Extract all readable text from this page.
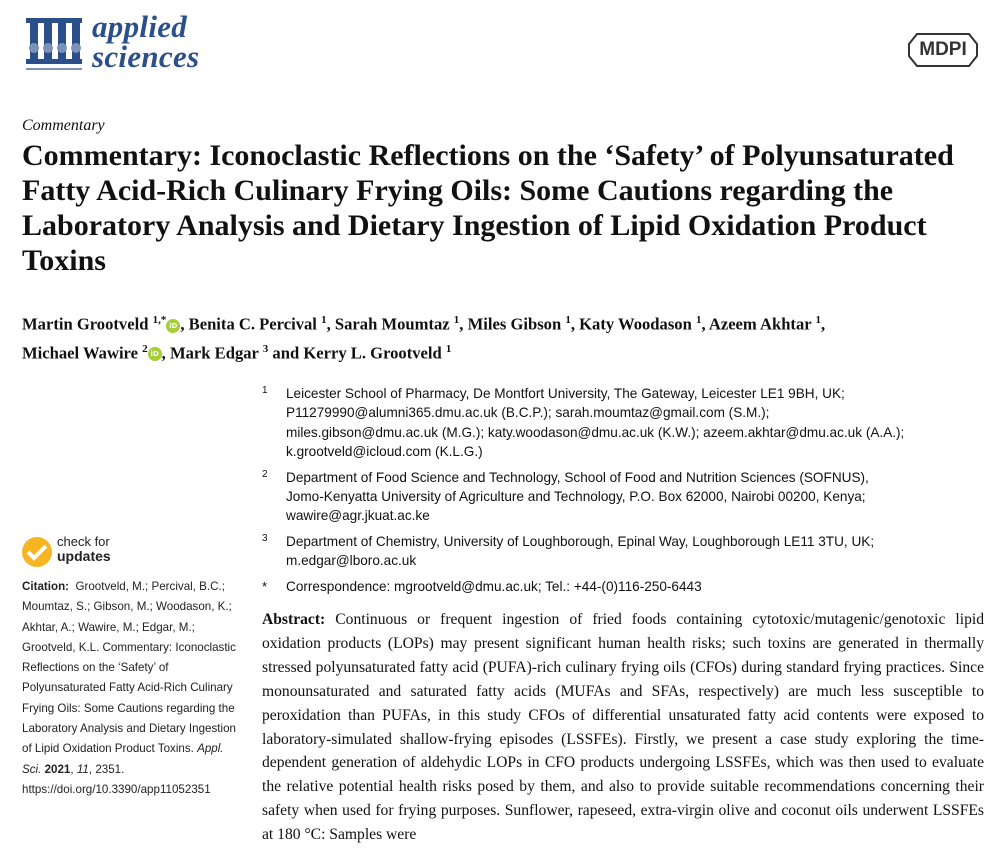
applied
sciences	MDPI
Commentary
Commentary: Iconoclastic Reflections on the ‘Safety’ of Polyunsaturated Fatty Acid-Rich Culinary Frying Oils: Some Cautions regarding the Laboratory Analysis and Dietary Ingestion of Lipid Oxidation Product Toxins
Martin Grootveld $^{1,*}$ iD , Benita C. Percival $^1$, Sarah Moumtaz $^1$, Miles Gibson $^1$, Katy Woodason $^1$, Azeem Akhtar $^1$,
Michael Wawire $^2$ iD , Mark Edgar $^3$ and Kerry L. Grootveld $^1$
1 Leicester School of Pharmacy, De Montfort University, The Gateway, Leicester LE1 9BH, UK;
P11279990@alumni365.dmu.ac.uk (B.C.P.); sarah.moumtaz@gmail.com (S.M.);
miles.gibson@dmu.ac.uk (M.G.); katy.woodason@dmu.ac.uk (K.W.); azeem.akhtar@dmu.ac.uk (A.A.);
k.grootveld@icloud.com (K.L.G.)
2 Department of Food Science and Technology, School of Food and Nutrition Sciences (SOFNUS),
Jomo-Kenyatta University of Agriculture and Technology, P.O. Box 62000, Nairobi 00200, Kenya;
wawire@agr.jkuat.ac.ke
3 Department of Chemistry, University of Loughborough, Epinal Way, Loughborough LE11 3TU, UK;
m.edgar@lboro.ac.uk
* Correspondence: mgrootveld@dmu.ac.uk; Tel.: +44-(0)116-250-6443
check for
updates
Citation: Grootveld, M.; Percival, B.C.; Moumtaz, S.; Gibson, M.; Woodason, K.; Akhtar, A.; Wawire, M.; Edgar, M.; Grootveld, K.L. Commentary: Iconoclastic Reflections on the ‘Safety’ of Polyunsaturated Fatty Acid-Rich Culinary Frying Oils: Some Cautions regarding the Laboratory Analysis and Dietary Ingestion of Lipid Oxidation Product Toxins. Appl. Sci. 2021, 11, 2351. https://doi.org/10.3390/app11052351
Abstract: Continuous or frequent ingestion of fried foods containing cytotoxic/mutagenic/genotoxic lipid oxidation products (LOPs) may present significant human health risks; such toxins are generated in thermally stressed polyunsaturated fatty acid (PUFA)-rich culinary frying oils (CFOs) during standard frying practices. Since monounsaturated and saturated fatty acids (MUFAs and SFAs, respectively) are much less susceptible to peroxidation than PUFAs, in this study CFOs of differential unsaturated fatty acid contents were exposed to laboratory-simulated shallow-frying episodes (LSSFEs). Firstly, we present a case study exploring the time-dependent generation of aldehydic LOPs in CFO products undergoing LSSFEs, which was then used to evaluate the relative potential health risks posed by them, and also to provide suitable recommendations concerning their safety when used for frying purposes. Sunflower, rapeseed, extra-virgin olive and coconut oils underwent LSSFEs at 180 °C: Samples were
